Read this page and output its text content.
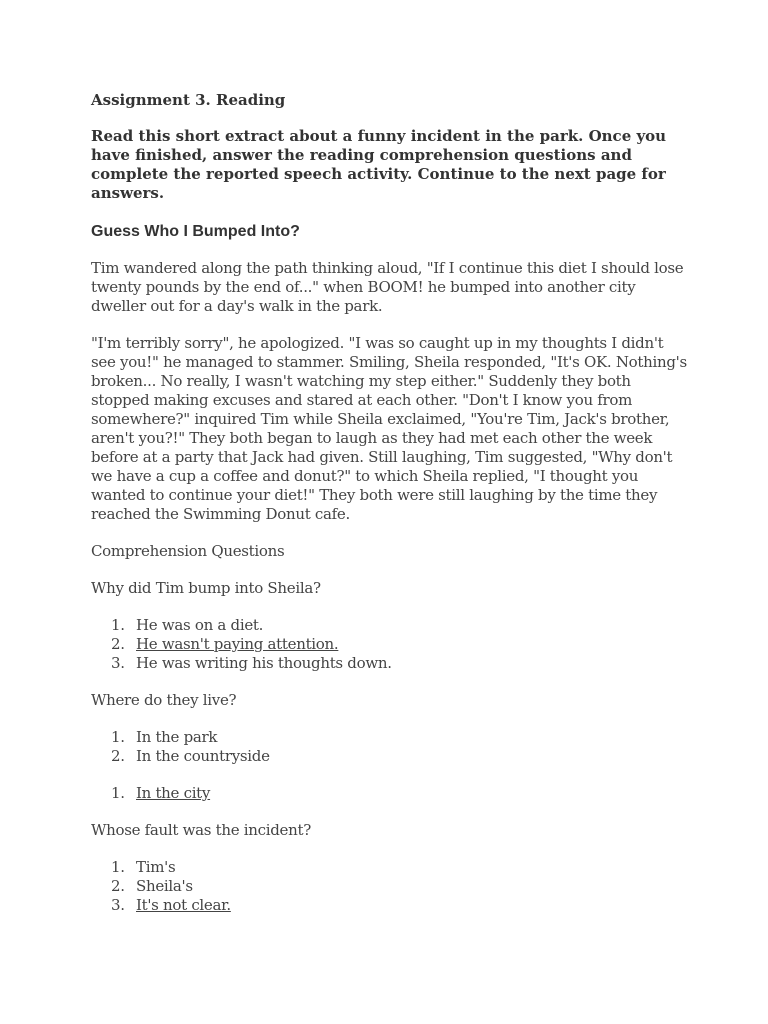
Assignment 3. Reading
Read this short extract about a funny incident in the park. Once you have finished, answer the reading comprehension questions and complete the reported speech activity. Continue to the next page for answers.
Guess Who I Bumped Into?

Tim wandered along the path thinking aloud, "If I continue this diet I should lose twenty pounds by the end of..." when BOOM! he bumped into another city dweller out for a day's walk in the park.

"I'm terribly sorry", he apologized. "I was so caught up in my thoughts I didn't see you!" he managed to stammer. Smiling, Sheila responded, "It's OK. Nothing's broken... No really, I wasn't watching my step either." Suddenly they both stopped making excuses and stared at each other. "Don't I know you from somewhere?" inquired Tim while Sheila exclaimed, "You're Tim, Jack's brother, aren't you?!" They both began to laugh as they had met each other the week before at a party that Jack had given. Still laughing, Tim suggested, "Why don't we have a cup a coffee and donut?" to which Sheila replied, "I thought you wanted to continue your diet!" They both were still laughing by the time they reached the Swimming Donut cafe.

Comprehension Questions
Why did Tim bump into Sheila?
1. He was on a diet.
2. He wasn't paying attention.
3. He was writing his thoughts down.
Where do they live?
1. In the park
2. In the countryside
1. In the city
Whose fault was the incident?
1. Tim's
2. Sheila's
3. It's not clear.
